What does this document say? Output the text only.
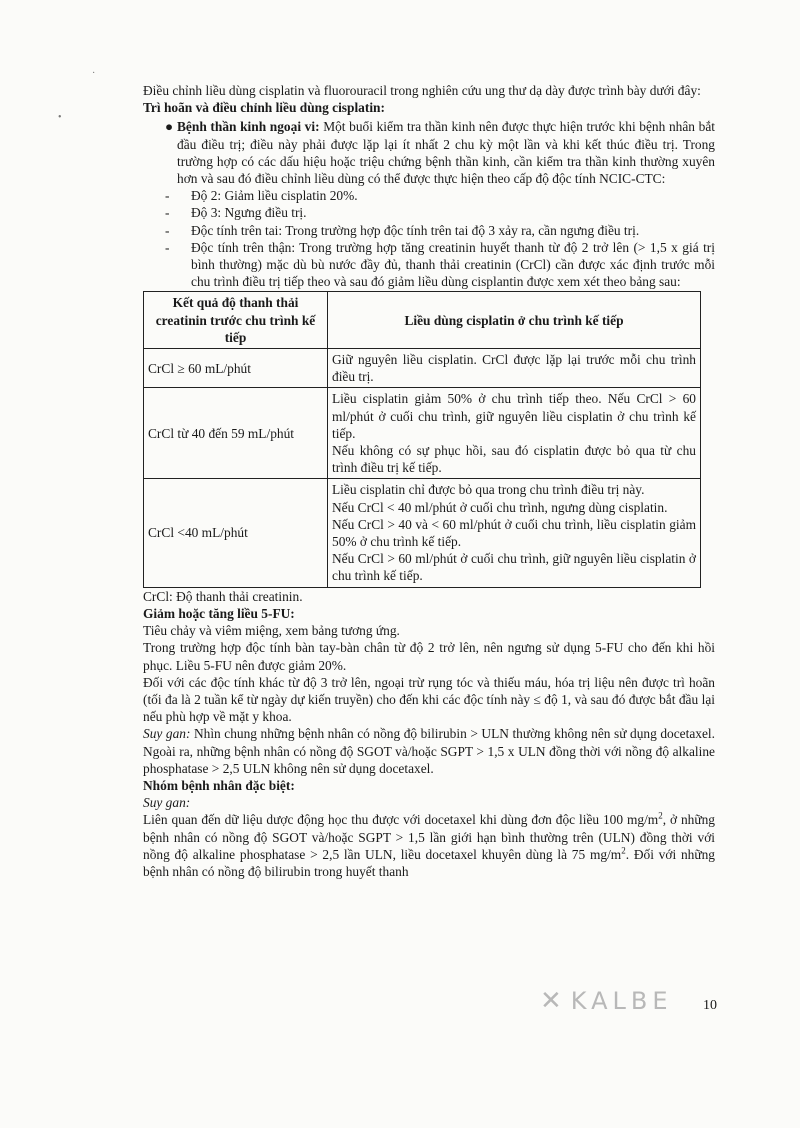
Điều chỉnh liều dùng cisplatin và fluorouracil trong nghiên cứu ung thư dạ dày được trình bày dưới đây:

Trì hoãn và điều chỉnh liều dùng cisplatin:

● Bệnh thần kinh ngoại vi: Một buổi kiểm tra thần kinh nên được thực hiện trước khi bệnh nhân bắt đầu điều trị; điều này phải được lặp lại ít nhất 2 chu kỳ một lần và khi kết thúc điều trị. Trong trường hợp có các dấu hiệu hoặc triệu chứng bệnh thần kinh, cần kiểm tra thần kinh thường xuyên hơn và sau đó điều chỉnh liều dùng có thể được thực hiện theo cấp độ độc tính NCIC-CTC:
- Độ 2: Giảm liều cisplatin 20%.
- Độ 3: Ngưng điều trị.
- Độc tính trên tai: Trong trường hợp độc tính trên tai độ 3 xảy ra, cần ngưng điều trị.
- Độc tính trên thận: Trong trường hợp tăng creatinin huyết thanh từ độ 2 trở lên (> 1,5 x giá trị bình thường) mặc dù bù nước đầy đủ, thanh thải creatinin (CrCl) cần được xác định trước mỗi chu trình điều trị tiếp theo và sau đó giảm liều dùng cisplantin được xem xét theo bảng sau:
Kết quả độ thanh thải creatinin trước chu trình kế tiếp	Liều dùng cisplatin ở chu trình kế tiếp
CrCl ≥ 60 mL/phút	Giữ nguyên liều cisplatin. CrCl được lặp lại trước mỗi chu trình điều trị.

CrCl từ 40 đến 59 mL/phút	Liều cisplatin giảm 50% ở chu trình tiếp theo. Nếu CrCl > 60 ml/phút ở cuối chu trình, giữ nguyên liều cisplatin ở chu trình kế tiếp.
Nếu không có sự phục hồi, sau đó cisplatin được bỏ qua từ chu trình điều trị kế tiếp.

CrCl <40 mL/phút	Liều cisplatin chỉ được bỏ qua trong chu trình điều trị này.
Nếu CrCl < 40 ml/phút ở cuối chu trình, ngưng dùng cisplatin.
Nếu CrCl > 40 và < 60 ml/phút ở cuối chu trình, liều cisplatin giảm 50% ở chu trình kế tiếp.
Nếu CrCl > 60 ml/phút ở cuối chu trình, giữ nguyên liều cisplatin ở chu trình kế tiếp.

CrCl: Độ thanh thải creatinin.

Giảm hoặc tăng liều 5-FU:

Tiêu chảy và viêm miệng, xem bảng tương ứng.

Trong trường hợp độc tính bàn tay-bàn chân từ độ 2 trở lên, nên ngưng sử dụng 5-FU cho đến khi hồi phục. Liều 5-FU nên được giảm 20%.

Đối với các độc tính khác từ độ 3 trở lên, ngoại trừ rụng tóc và thiếu máu, hóa trị liệu nên được trì hoãn (tối đa là 2 tuần kể từ ngày dự kiến truyền) cho đến khi các độc tính này ≤ độ 1, và sau đó được bắt đầu lại nếu phù hợp về mặt y khoa.

Suy gan: Nhìn chung những bệnh nhân có nồng độ bilirubin > ULN thường không nên sử dụng docetaxel. Ngoài ra, những bệnh nhân có nồng độ SGOT và/hoặc SGPT > 1,5 x ULN đồng thời với nồng độ alkaline phosphatase > 2,5 ULN không nên sử dụng docetaxel.

Nhóm bệnh nhân đặc biệt:

Suy gan:

Liên quan đến dữ liệu dược động học thu được với docetaxel khi dùng đơn độc liều 100 $mg/m^2$, ở những bệnh nhân có nồng độ SGOT và/hoặc SGPT > 1,5 lần giới hạn bình thường trên (ULN) đồng thời với nồng độ alkaline phosphatase > 2,5 lần ULN, liều docetaxel khuyên dùng là 75 $mg/m^2$. Đối với những bệnh nhân có nồng độ bilirubin trong huyết thanh

✕ KALBE 10
·
•
